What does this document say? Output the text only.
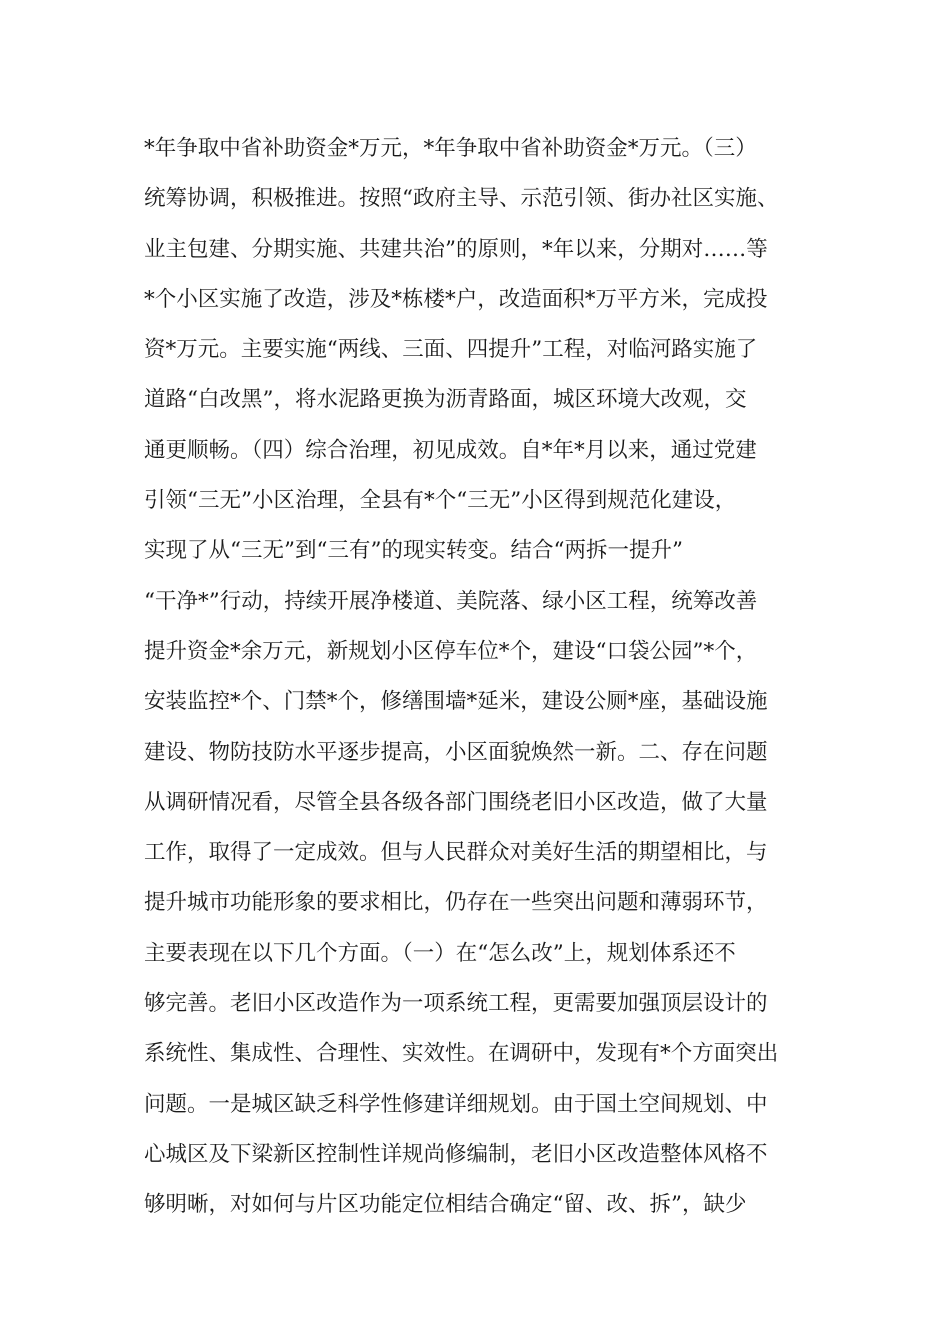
*年争取中省补助资金*万元，*年争取中省补助资金*万元。（三）
统筹协调，积极推进。按照“政府主导、示范引领、街办社区实施、
业主包建、分期实施、共建共治”的原则，*年以来，分期对……等
*个小区实施了改造，涉及*栋楼*户，改造面积*万平方米，完成投
资*万元。主要实施“两线、三面、四提升”工程，对临河路实施了
道路“白改黑”，将水泥路更换为沥青路面，城区环境大改观，交
通更顺畅。（四）综合治理，初见成效。自*年*月以来，通过党建
引领“三无”小区治理，全县有*个“三无”小区得到规范化建设，
实现了从“三无”到“三有”的现实转变。结合“两拆一提升”
“干净*”行动，持续开展净楼道、美院落、绿小区工程，统筹改善
提升资金*余万元，新规划小区停车位*个，建设“口袋公园”*个，
安装监控*个、门禁*个，修缮围墙*延米，建设公厕*座，基础设施
建设、物防技防水平逐步提高，小区面貌焕然一新。二、存在问题
从调研情况看，尽管全县各级各部门围绕老旧小区改造，做了大量
工作，取得了一定成效。但与人民群众对美好生活的期望相比，与
提升城市功能形象的要求相比，仍存在一些突出问题和薄弱环节，
主要表现在以下几个方面。（一）在“怎么改”上，规划体系还不
够完善。老旧小区改造作为一项系统工程，更需要加强顶层设计的
系统性、集成性、合理性、实效性。在调研中，发现有*个方面突出
问题。一是城区缺乏科学性修建详细规划。由于国土空间规划、中
心城区及下梁新区控制性详规尚修编制，老旧小区改造整体风格不
够明晰，对如何与片区功能定位相结合确定“留、改、拆”，缺少
